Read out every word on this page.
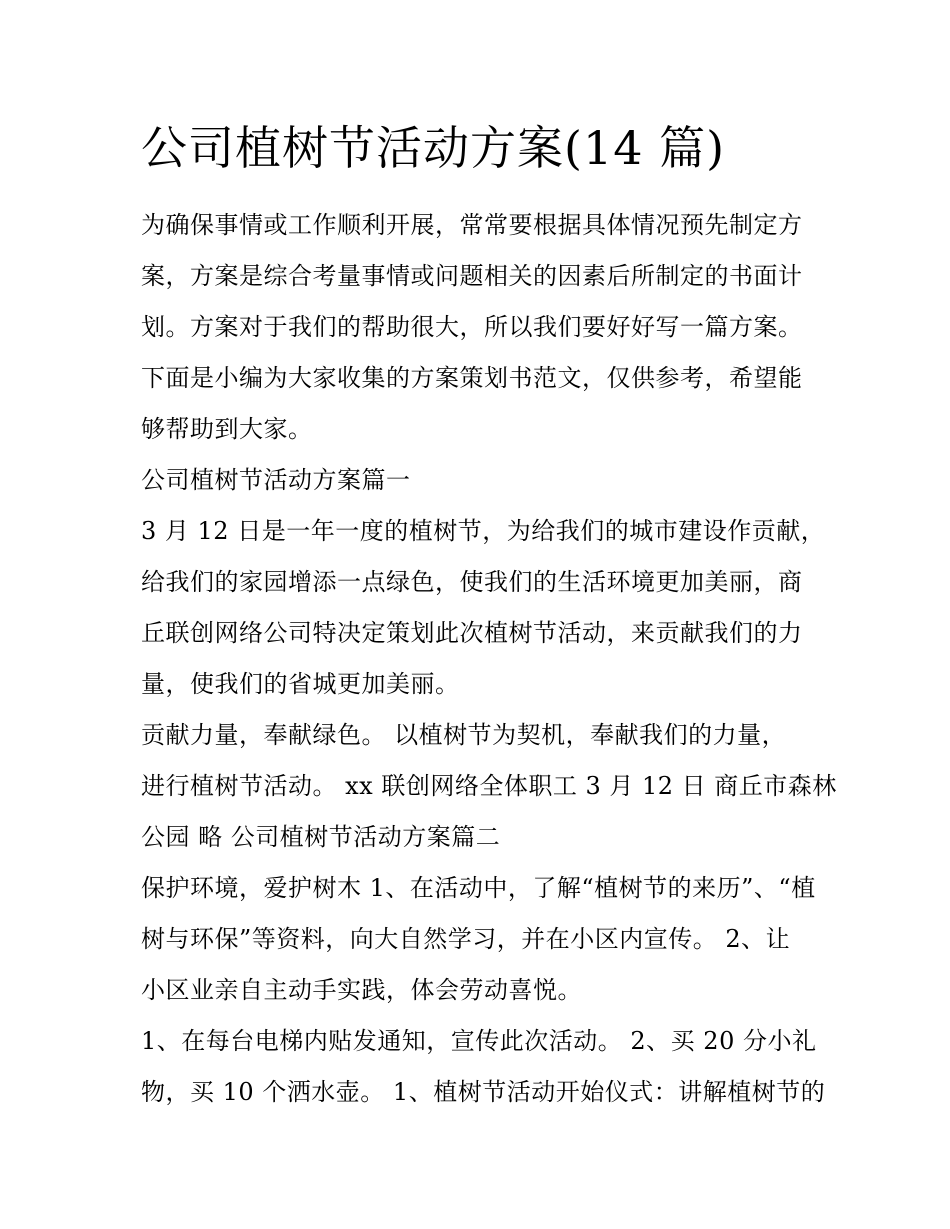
公司植树节活动方案(14 篇)
为确保事情或工作顺利开展，常常要根据具体情况预先制定方
案，方案是综合考量事情或问题相关的因素后所制定的书面计
划。方案对于我们的帮助很大，所以我们要好好写一篇方案。
下面是小编为大家收集的方案策划书范文，仅供参考，希望能
够帮助到大家。
公司植树节活动方案篇一
3 月 12 日是一年一度的植树节，为给我们的城市建设作贡献，
给我们的家园增添一点绿色，使我们的生活环境更加美丽，商
丘联创网络公司特决定策划此次植树节活动，来贡献我们的力
量，使我们的省城更加美丽。
贡献力量，奉献绿色。 以植树节为契机，奉献我们的力量，
进行植树节活动。 xx 联创网络全体职工 3 月 12 日 商丘市森林
公园 略 公司植树节活动方案篇二
保护环境，爱护树木 1、在活动中，了解“植树节的来历”、“植
树与环保”等资料，向大自然学习，并在小区内宣传。 2、让
小区业亲自主动手实践，体会劳动喜悦。
1、在每台电梯内贴发通知，宣传此次活动。 2、买 20 分小礼
物，买 10 个洒水壶。 1、植树节活动开始仪式：讲解植树节的
